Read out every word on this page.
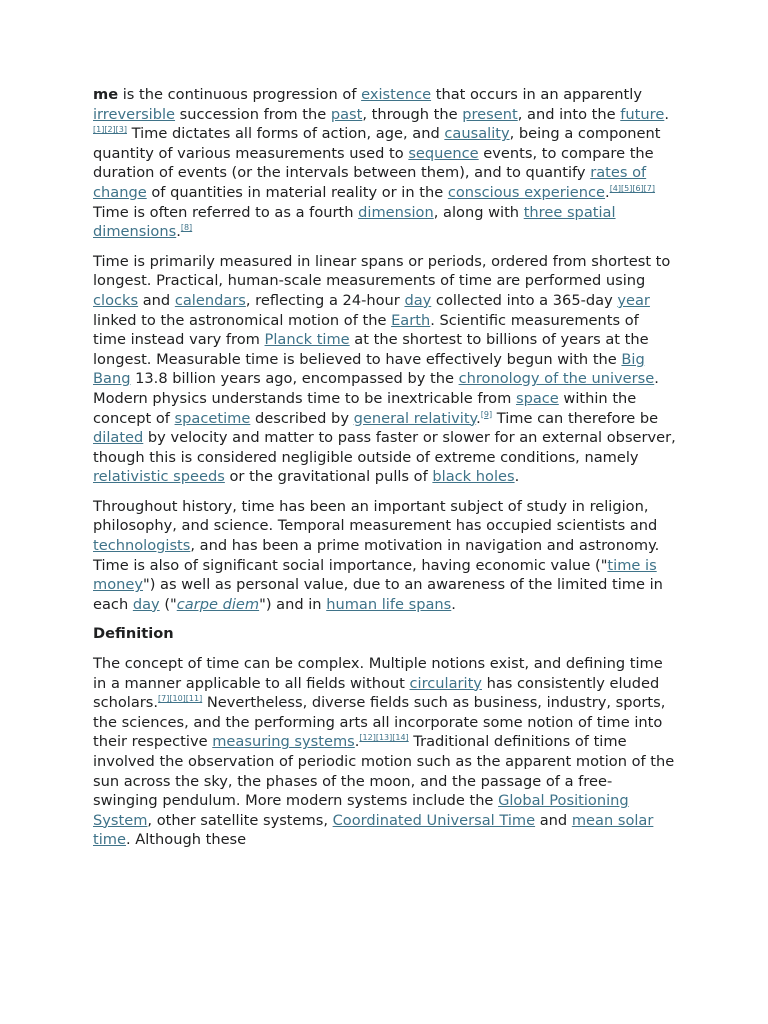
me is the continuous progression of existence that occurs in an apparently irreversible succession from the past, through the present, and into the future.[1][2][3] Time dictates all forms of action, age, and causality, being a component quantity of various measurements used to sequence events, to compare the duration of events (or the intervals between them), and to quantify rates of change of quantities in material reality or in the conscious experience.[4][5][6][7] Time is often referred to as a fourth dimension, along with three spatial dimensions.[8]

Time is primarily measured in linear spans or periods, ordered from shortest to longest. Practical, human-scale measurements of time are performed using clocks and calendars, reflecting a 24-hour day collected into a 365-day year linked to the astronomical motion of the Earth. Scientific measurements of time instead vary from Planck time at the shortest to billions of years at the longest. Measurable time is believed to have effectively begun with the Big Bang 13.8 billion years ago, encompassed by the chronology of the universe. Modern physics understands time to be inextricable from space within the concept of spacetime described by general relativity.[9] Time can therefore be dilated by velocity and matter to pass faster or slower for an external observer, though this is considered negligible outside of extreme conditions, namely relativistic speeds or the gravitational pulls of black holes.

Throughout history, time has been an important subject of study in religion, philosophy, and science. Temporal measurement has occupied scientists and technologists, and has been a prime motivation in navigation and astronomy. Time is also of significant social importance, having economic value ("time is money") as well as personal value, due to an awareness of the limited time in each day ("carpe diem") and in human life spans.

Definition

The concept of time can be complex. Multiple notions exist, and defining time in a manner applicable to all fields without circularity has consistently eluded scholars.[7][10][11] Nevertheless, diverse fields such as business, industry, sports, the sciences, and the performing arts all incorporate some notion of time into their respective measuring systems.[12][13][14] Traditional definitions of time involved the observation of periodic motion such as the apparent motion of the sun across the sky, the phases of the moon, and the passage of a free-swinging pendulum. More modern systems include the Global Positioning System, other satellite systems, Coordinated Universal Time and mean solar time. Although these
